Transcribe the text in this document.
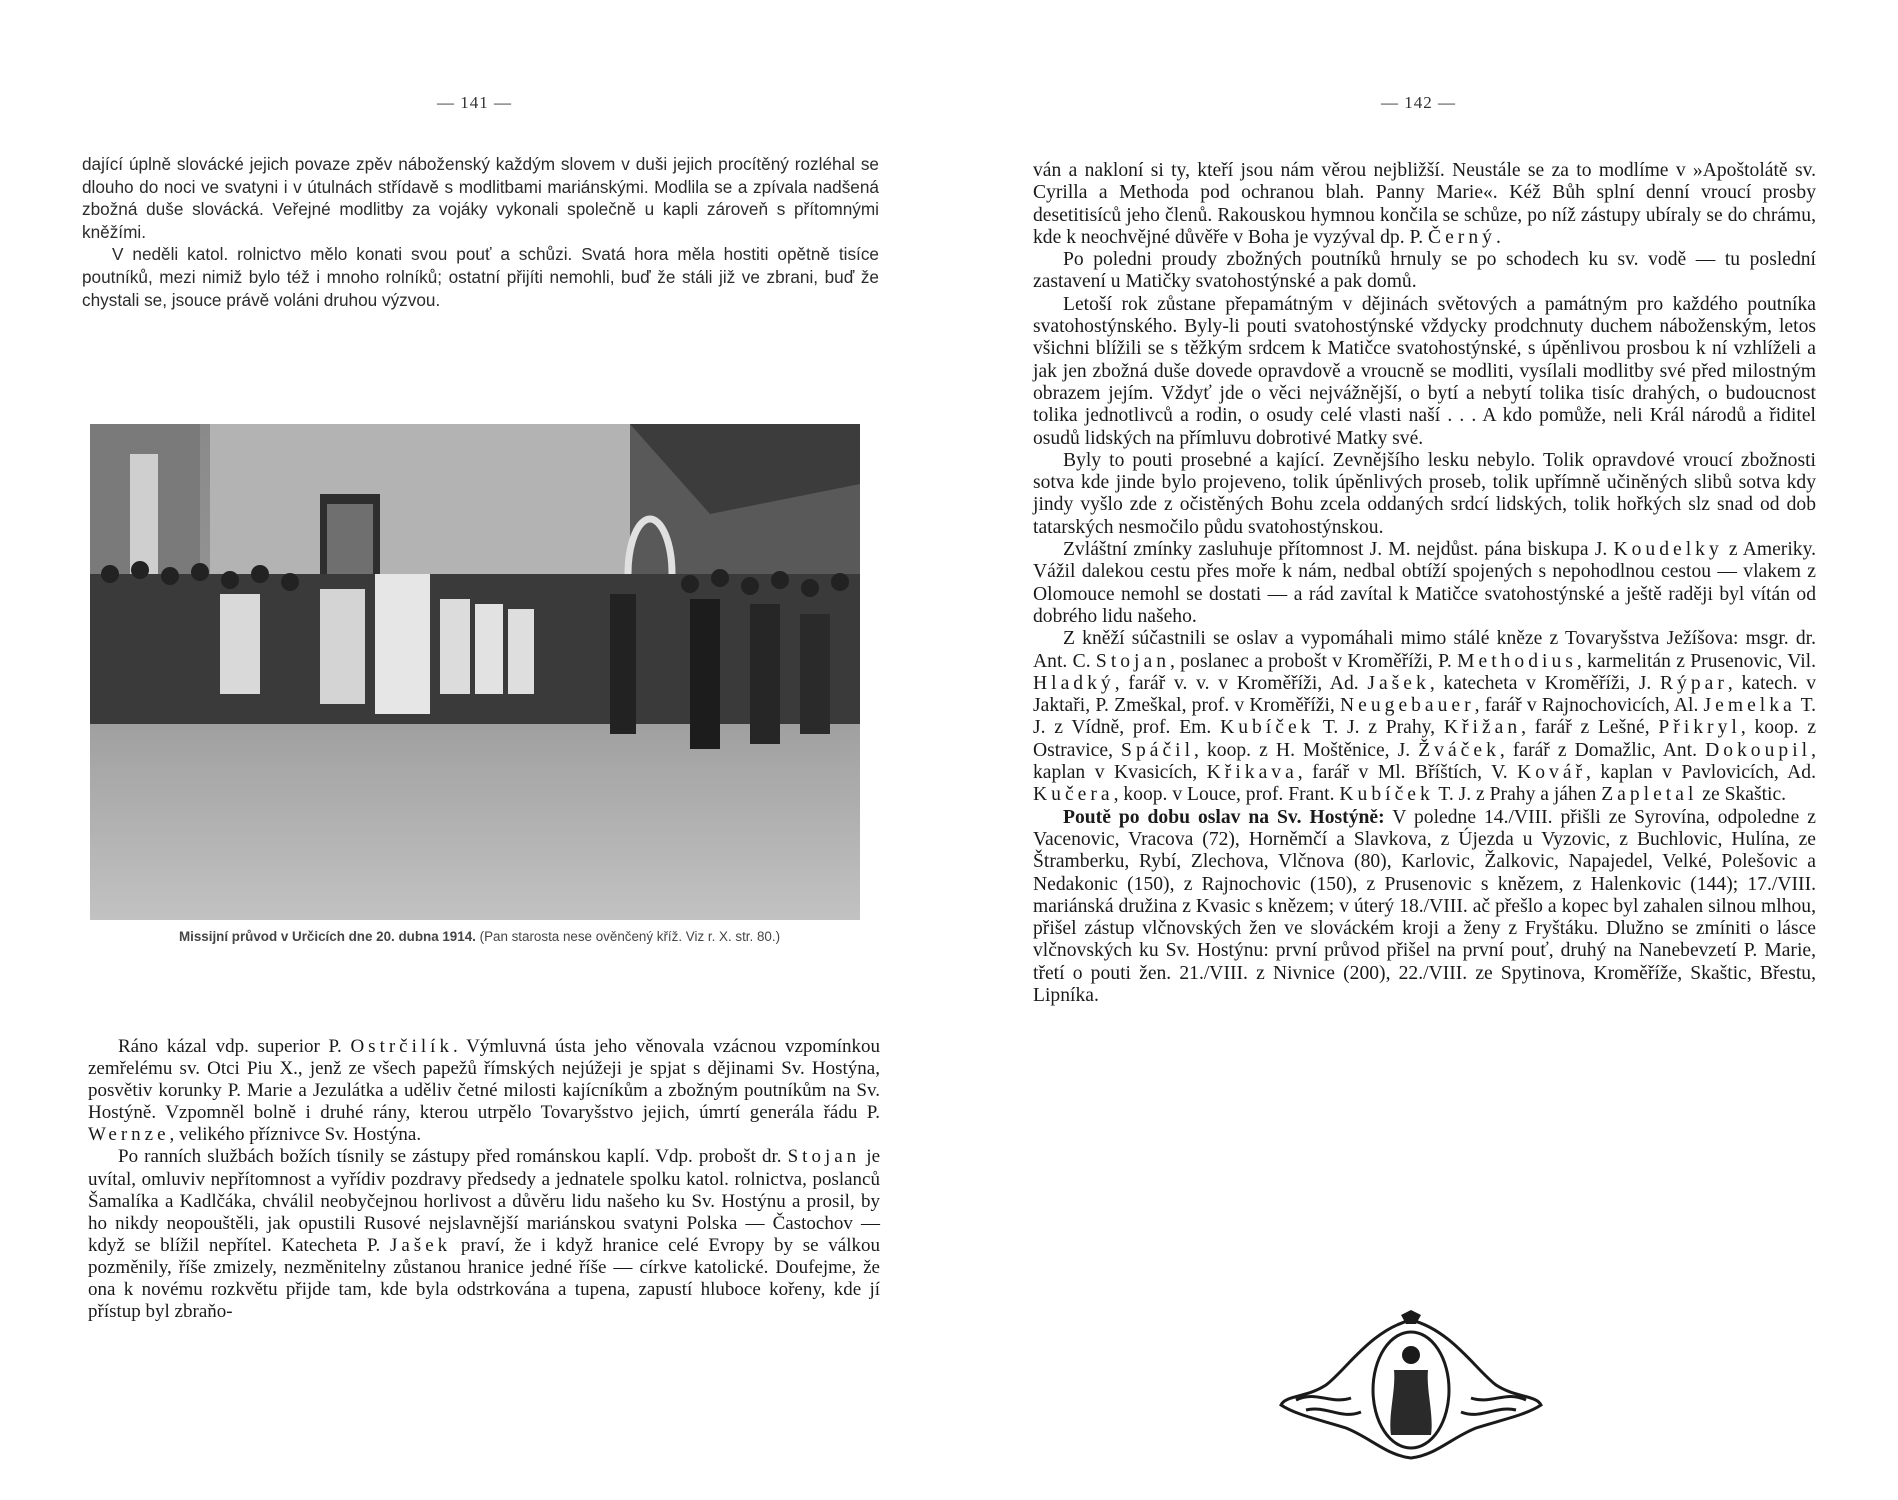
— 141 —

dající úplně slovácké jejich povaze zpěv náboženský každým slovem v duši jejich procítěný rozléhal se dlouho do noci ve svatyni i v útulnách střídavě s modlitbami mariánskými. Modlila se a zpívala nadšená zbožná duše slovácká. Veřejné modlitby za vojáky vykonali společně u kapli zároveň s přítomnými kněžími.

V neděli katol. rolnictvo mělo konati svou pouť a schůzi. Svatá hora měla hostiti opětně tisíce poutníků, mezi nimiž bylo též i mnoho rolníků; ostatní přijíti nemohli, buď že stáli již ve zbrani, buď že chystali se, jsouce právě voláni druhou výzvou.

Missijní průvod v Určicích dne 20. dubna 1914. (Pan starosta nese ověnčený kříž. Viz r. X. str. 80.)

Ráno kázal vdp. superior P. Ostrčilík. Výmluvná ústa jeho věnovala vzácnou vzpomínkou zemřelému sv. Otci Piu X., jenž ze všech papežů římských nejúžeji je spjat s dějinami Sv. Hostýna, posvětiv korunky P. Marie a Jezulátka a uděliv četné milosti kajícníkům a zbožným poutníkům na Sv. Hostýně. Vzpomněl bolně i druhé rány, kterou utrpělo Tovaryšstvo jejich, úmrtí generála řádu P. Wernze, velikého příznivce Sv. Hostýna.

Po ranních službách božích tísnily se zástupy před románskou kaplí. Vdp. probošt dr. Stojan je uvítal, omluviv nepřítomnost a vyřídiv pozdravy předsedy a jednatele spolku katol. rolnictva, poslanců Šamalíka a Kadlčáka, chválil neobyčejnou horlivost a důvěru lidu našeho ku Sv. Hostýnu a prosil, by ho nikdy neopouštěli, jak opustili Rusové nejslavnější mariánskou svatyni Polska — Častochov — když se blížil nepřítel. Katecheta P. Jašek praví, že i když hranice celé Evropy by se válkou pozměnily, říše zmizely, nezměnitelny zůstanou hranice jedné říše — církve katolické. Doufejme, že ona k novému rozkvětu přijde tam, kde byla odstrkována a tupena, zapustí hluboce kořeny, kde jí přístup byl zbraňo-

— 142 —

ván a nakloní si ty, kteří jsou nám věrou nejbližší. Neustále se za to modlíme v »Apoštolátě sv. Cyrilla a Methoda pod ochranou blah. Panny Marie«. Kéž Bůh splní denní vroucí prosby desetitisíců jeho členů. Rakouskou hymnou končila se schůze, po níž zástupy ubíraly se do chrámu, kde k neochvějné důvěře v Boha je vyzýval dp. P. Černý.

Po poledni proudy zbožných poutníků hrnuly se po schodech ku sv. vodě — tu poslední zastavení u Matičky svatohostýnské a pak domů.

Letoší rok zůstane přepamátným v dějinách světových a památným pro každého poutníka svatohostýnského. Byly-li pouti svatohostýnské vždycky prodchnuty duchem náboženským, letos všichni blížili se s těžkým srdcem k Matičce svatohostýnské, s úpěnlivou prosbou k ní vzhlíželi a jak jen zbožná duše dovede opravdově a vroucně se modliti, vysílali modlitby své před milostným obrazem jejím. Vždyť jde o věci nejvážnější, o bytí a nebytí tolika tisíc drahých, o budoucnost tolika jednotlivců a rodin, o osudy celé vlasti naší . . . A kdo pomůže, neli Král národů a řiditel osudů lidských na přímluvu dobrotivé Matky své.

Byly to pouti prosebné a kající. Zevnějšího lesku nebylo. Tolik opravdové vroucí zbožnosti sotva kde jinde bylo projeveno, tolik úpěnlivých proseb, tolik upřímně učiněných slibů sotva kdy jindy vyšlo zde z očistěných Bohu zcela oddaných srdcí lidských, tolik hořkých slz snad od dob tatarských nesmočilo půdu svatohostýnskou.

Zvláštní zmínky zasluhuje přítomnost J. M. nejdůst. pána biskupa J. Koudelky z Ameriky. Vážil dalekou cestu přes moře k nám, nedbal obtíží spojených s nepohodlnou cestou — vlakem z Olomouce nemohl se dostati — a rád zavítal k Matičce svatohostýnské a ještě raději byl vítán od dobrého lidu našeho.

Z kněží súčastnili se oslav a vypomáhali mimo stálé kněze z Tovaryšstva Ježíšova: msgr. dr. Ant. C. Stojan, poslanec a probošt v Kroměříži, P. Methodius, karmelitán z Prusenovic, Vil. Hladký, farář v. v. v Kroměříži, Ad. Jašek, katecheta v Kroměříži, J. Rýpar, katech. v Jaktaři, P. Zmeškal, prof. v Kroměříži, Neugebauer, farář v Rajnochovicích, Al. Jemelka T. J. z Vídně, prof. Em. Kubíček T. J. z Prahy, Křižan, farář z Lešné, Přikryl, koop. z Ostravice, Spáčil, koop. z H. Moštěnice, J. Žváček, farář z Domažlic, Ant. Dokoupil, kaplan v Kvasicích, Křikava, farář v Ml. Bříštích, V. Kovář, kaplan v Pavlovicích, Ad. Kučera, koop. v Louce, prof. Frant. Kubíček T. J. z Prahy a jáhen Zapletal ze Skaštic.

Poutě po dobu oslav na Sv. Hostýně: V poledne 14./VIII. přišli ze Syrovína, odpoledne z Vacenovic, Vracova (72), Horněmčí a Slavkova, z Újezda u Vyzovic, z Buchlovic, Hulína, ze Štramberku, Rybí, Zlechova, Vlčnova (80), Karlovic, Žalkovic, Napajedel, Velké, Polešovic a Nedakonic (150), z Rajnochovic (150), z Prusenovic s knězem, z Halenkovic (144); 17./VIII. mariánská družina z Kvasic s knězem; v úterý 18./VIII. ač přešlo a kopec byl zahalen silnou mlhou, přišel zástup vlčnovských žen ve slováckém kroji a ženy z Fryštáku. Dlužno se zmíniti o lásce vlčnovských ku Sv. Hostýnu: první průvod přišel na první pouť, druhý na Nanebevzetí P. Marie, třetí o pouti žen. 21./VIII. z Nivnice (200), 22./VIII. ze Spytinova, Kroměříže, Skaštic, Břestu, Lipníka.
